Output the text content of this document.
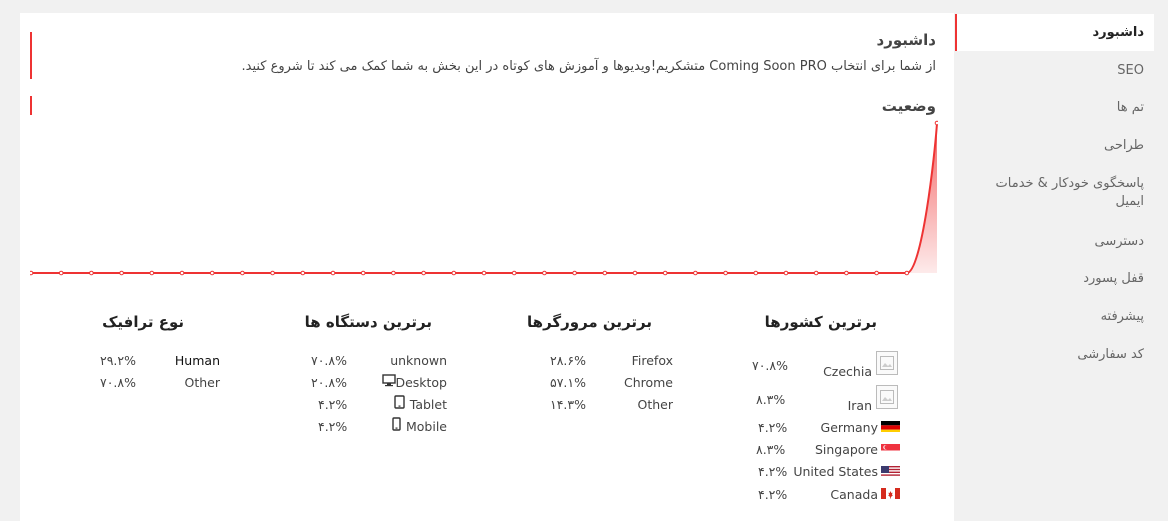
داشبورد
SEO
تم ها
طراحی
پاسخگوی خودکار & خدمات ایمیل
دسترسی
قفل پسورد
پیشرفته
کد سفارشی
داشبورد
از شما برای انتخاب Coming Soon PRO متشکریم!ویدیوها و آموزش های کوتاه در این بخش به شما کمک می کند تا شروع کنید.
وضعیت
برترین کشورها
Czechia
۷۰.۸%
Iran
۸.۳%
Germany
۴.۲%
Singapore
۸.۳%
United States
۴.۲%
Canada
۴.۲%
برترین مرورگرها
Firefox
۲۸.۶%
Chrome
۵۷.۱%
Other
۱۴.۳%
برترین دستگاه ها
unknown
۷۰.۸%
Desktop
۲۰.۸%
Tablet
۴.۲%
Mobile
۴.۲%
نوع ترافیک
Human
۲۹.۲%
Other
۷۰.۸%
